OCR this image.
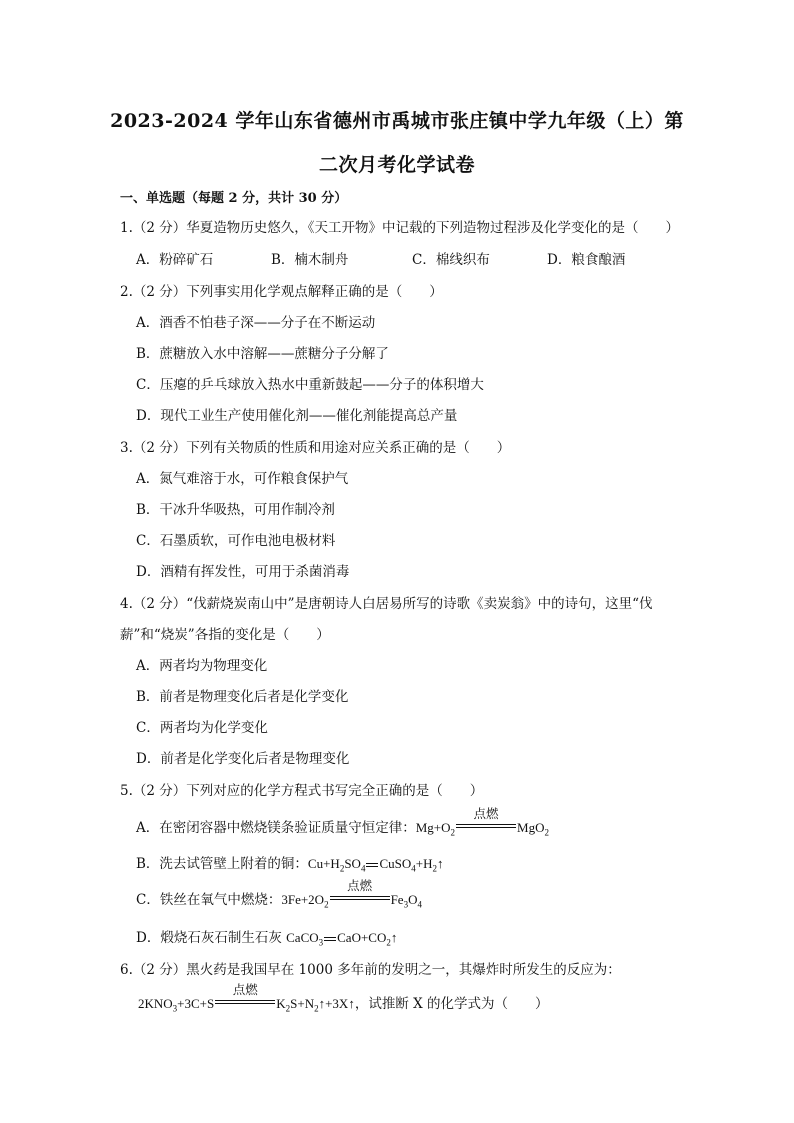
2023-2024 学年山东省德州市禹城市张庄镇中学九年级（上）第
二次月考化学试卷
一、单选题（每题 2 分，共计 30 分）
1.（2 分）华夏造物历史悠久，《天工开物》中记载的下列造物过程涉及化学变化的是（　　）
A．粉碎矿石	B．楠木制舟	C．棉线织布	D．粮食酿酒
2.（2 分）下列事实用化学观点解释正确的是（　　）
A．酒香不怕巷子深——分子在不断运动
B．蔗糖放入水中溶解——蔗糖分子分解了
C．压瘪的乒乓球放入热水中重新鼓起——分子的体积增大
D．现代工业生产使用催化剂——催化剂能提高总产量
3.（2 分）下列有关物质的性质和用途对应关系正确的是（　　）
A．氮气难溶于水，可作粮食保护气
B．干冰升华吸热，可用作制冷剂
C．石墨质软，可作电池电极材料
D．酒精有挥发性，可用于杀菌消毒
4.（2 分）“伐薪烧炭南山中”是唐朝诗人白居易所写的诗歌《卖炭翁》中的诗句，这里“伐
薪”和“烧炭”各指的变化是（　　）
A．两者均为物理变化
B．前者是物理变化后者是化学变化
C．两者均为化学变化
D．前者是化学变化后者是物理变化
5.（2 分）下列对应的化学方程式书写完全正确的是（　　）
A．在密闭容器中燃烧镁条验证质量守恒定律：$Mg+O_2$
点燃
MgO$_2$
B．洗去试管壁上附着的铜：$Cu+H_2SO_4$ $CuSO_4+H_2↑$
C．铁丝在氧气中燃烧：$3Fe+2O_2$
点燃
$Fe_3O_4$
D．煅烧石灰石制生石灰 CaCO$_3$ $CaO+CO_2↑$
6.（2 分）黑火药是我国早在 1000 多年前的发明之一，其爆炸时所发生的反应为：
$2KNO_3+3C+S$
点燃
$K_2S+N_2↑+3X↑$，试推断 X 的化学式为（　　）
